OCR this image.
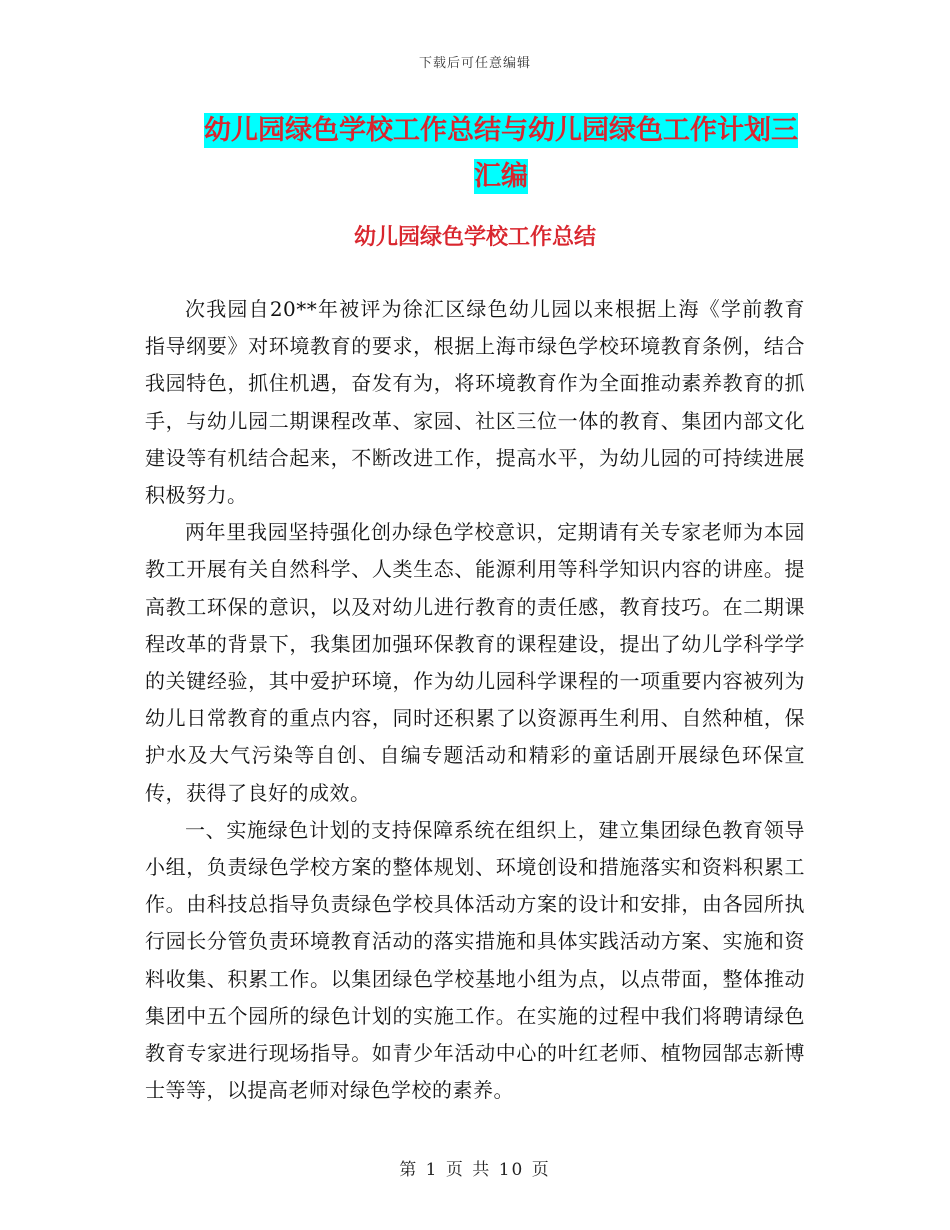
下载后可任意编辑
幼儿园绿色学校工作总结与幼儿园绿色工作计划三汇编
幼儿园绿色学校工作总结

次我园自20**年被评为徐汇区绿色幼儿园以来根据上海《学前教育指导纲要》对环境教育的要求，根据上海市绿色学校环境教育条例，结合我园特色，抓住机遇，奋发有为，将环境教育作为全面推动素养教育的抓手，与幼儿园二期课程改革、家园、社区三位一体的教育、集团内部文化建设等有机结合起来，不断改进工作，提高水平，为幼儿园的可持续进展积极努力。

两年里我园坚持强化创办绿色学校意识，定期请有关专家老师为本园教工开展有关自然科学、人类生态、能源利用等科学知识内容的讲座。提高教工环保的意识，以及对幼儿进行教育的责任感，教育技巧。在二期课程改革的背景下，我集团加强环保教育的课程建设，提出了幼儿学科学学的关键经验，其中爱护环境，作为幼儿园科学课程的一项重要内容被列为幼儿日常教育的重点内容，同时还积累了以资源再生利用、自然种植，保护水及大气污染等自创、自编专题活动和精彩的童话剧开展绿色环保宣传，获得了良好的成效。

一、实施绿色计划的支持保障系统在组织上，建立集团绿色教育领导小组，负责绿色学校方案的整体规划、环境创设和措施落实和资料积累工作。由科技总指导负责绿色学校具体活动方案的设计和安排，由各园所执行园长分管负责环境教育活动的落实措施和具体实践活动方案、实施和资料收集、积累工作。以集团绿色学校基地小组为点，以点带面，整体推动集团中五个园所的绿色计划的实施工作。在实施的过程中我们将聘请绿色教育专家进行现场指导。如青少年活动中心的叶红老师、植物园郜志新博士等等，以提高老师对绿色学校的素养。

第 1 页 共 10 页
